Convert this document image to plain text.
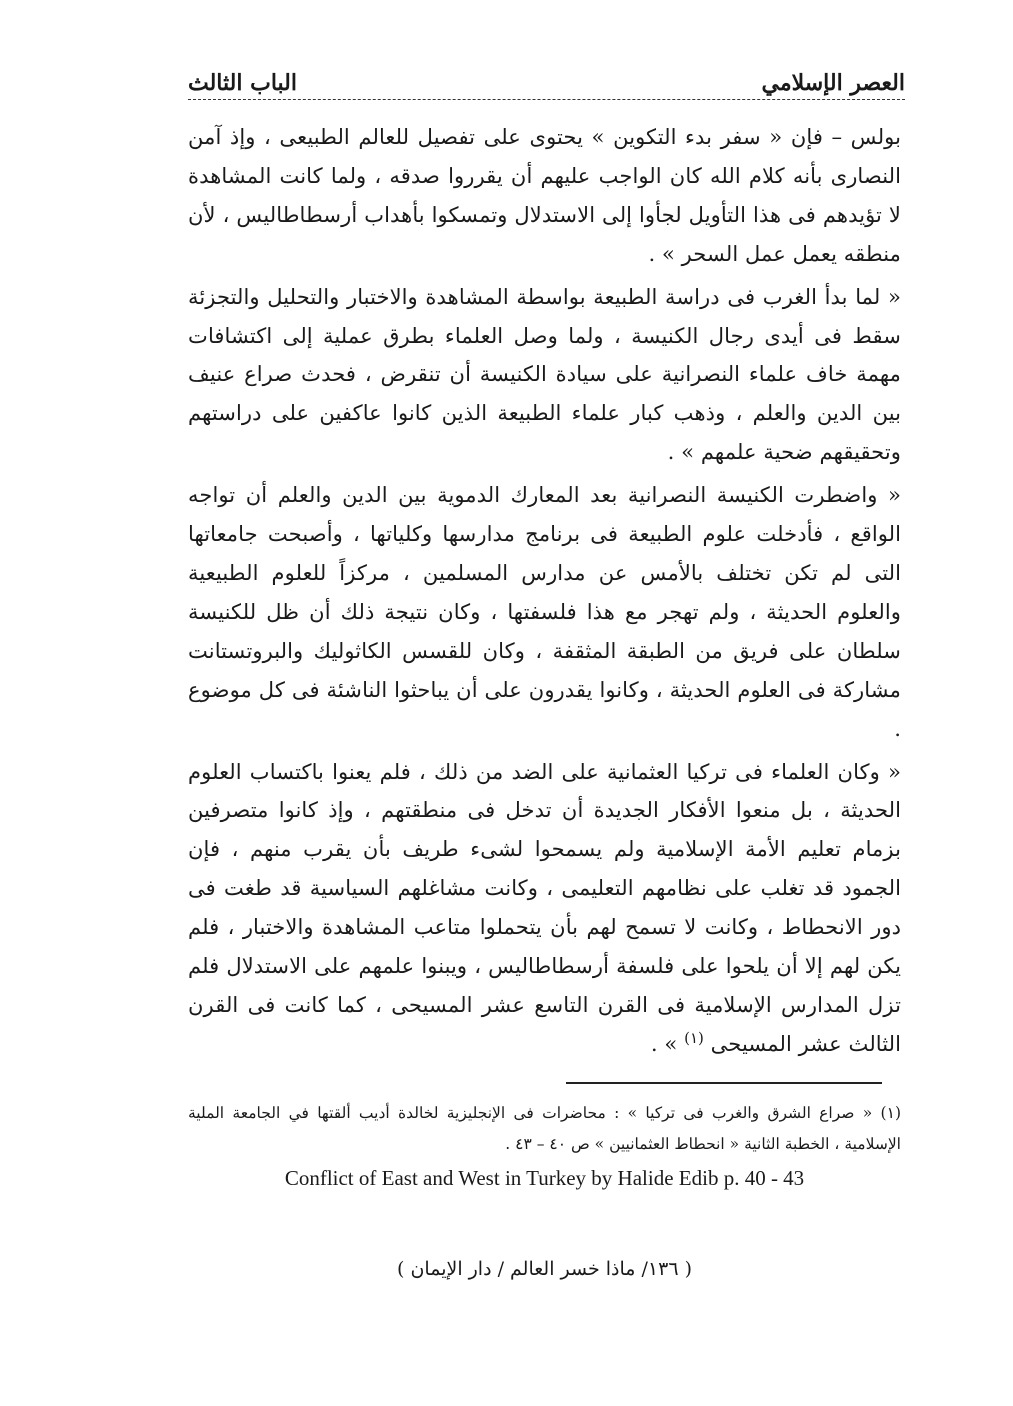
العصر الإسلامي
الباب الثالث

بولس – فإن « سفر بدء التكوين » يحتوى على تفصيل للعالم الطبيعى ، وإذ آمن النصارى بأنه كلام الله كان الواجب عليهم أن يقرروا صدقه ، ولما كانت المشاهدة لا تؤيدهم فى هذا التأويل لجأوا إلى الاستدلال وتمسكوا بأهداب أرسطاطاليس ، لأن منطقه يعمل عمل السحر » .

« لما بدأ الغرب فى دراسة الطبيعة بواسطة المشاهدة والاختبار والتحليل والتجزئة سقط فى أيدى رجال الكنيسة ، ولما وصل العلماء بطرق عملية إلى اكتشافات مهمة خاف علماء النصرانية على سيادة الكنيسة أن تنقرض ، فحدث صراع عنيف بين الدين والعلم ، وذهب كبار علماء الطبيعة الذين كانوا عاكفين على دراستهم وتحقيقهم ضحية علمهم » .

« واضطرت الكنيسة النصرانية بعد المعارك الدموية بين الدين والعلم أن تواجه الواقع ، فأدخلت علوم الطبيعة فى برنامج مدارسها وكلياتها ، وأصبحت جامعاتها التى لم تكن تختلف بالأمس عن مدارس المسلمين ، مركزاً للعلوم الطبيعية والعلوم الحديثة ، ولم تهجر مع هذا فلسفتها ، وكان نتيجة ذلك أن ظل للكنيسة سلطان على فريق من الطبقة المثقفة ، وكان للقسس الكاثوليك والبروتستانت مشاركة فى العلوم الحديثة ، وكانوا يقدرون على أن يباحثوا الناشئة فى كل موضوع .

« وكان العلماء فى تركيا العثمانية على الضد من ذلك ، فلم يعنوا باكتساب العلوم الحديثة ، بل منعوا الأفكار الجديدة أن تدخل فى منطقتهم ، وإذ كانوا متصرفين بزمام تعليم الأمة الإسلامية ولم يسمحوا لشىء طريف بأن يقرب منهم ، فإن الجمود قد تغلب على نظامهم التعليمى ، وكانت مشاغلهم السياسية قد طغت فى دور الانحطاط ، وكانت لا تسمح لهم بأن يتحملوا متاعب المشاهدة والاختبار ، فلم يكن لهم إلا أن يلحوا على فلسفة أرسطاطاليس ، ويبنوا علمهم على الاستدلال فلم تزل المدارس الإسلامية فى القرن التاسع عشر المسيحى ، كما كانت فى القرن الثالث عشر المسيحى $^{(١)}$ » .

(١) « صراع الشرق والغرب فى تركيا » : محاضرات فى الإنجليزية لخالدة أديب ألقتها في الجامعة الملية الإسلامية ، الخطبة الثانية « انحطاط العثمانيين » ص ٤٠ – ٤٣ .
Conflict of East and West in Turkey by Halide Edib p. 40 - 43
( ١٣٦/ ماذا خسر العالم / دار الإيمان )
